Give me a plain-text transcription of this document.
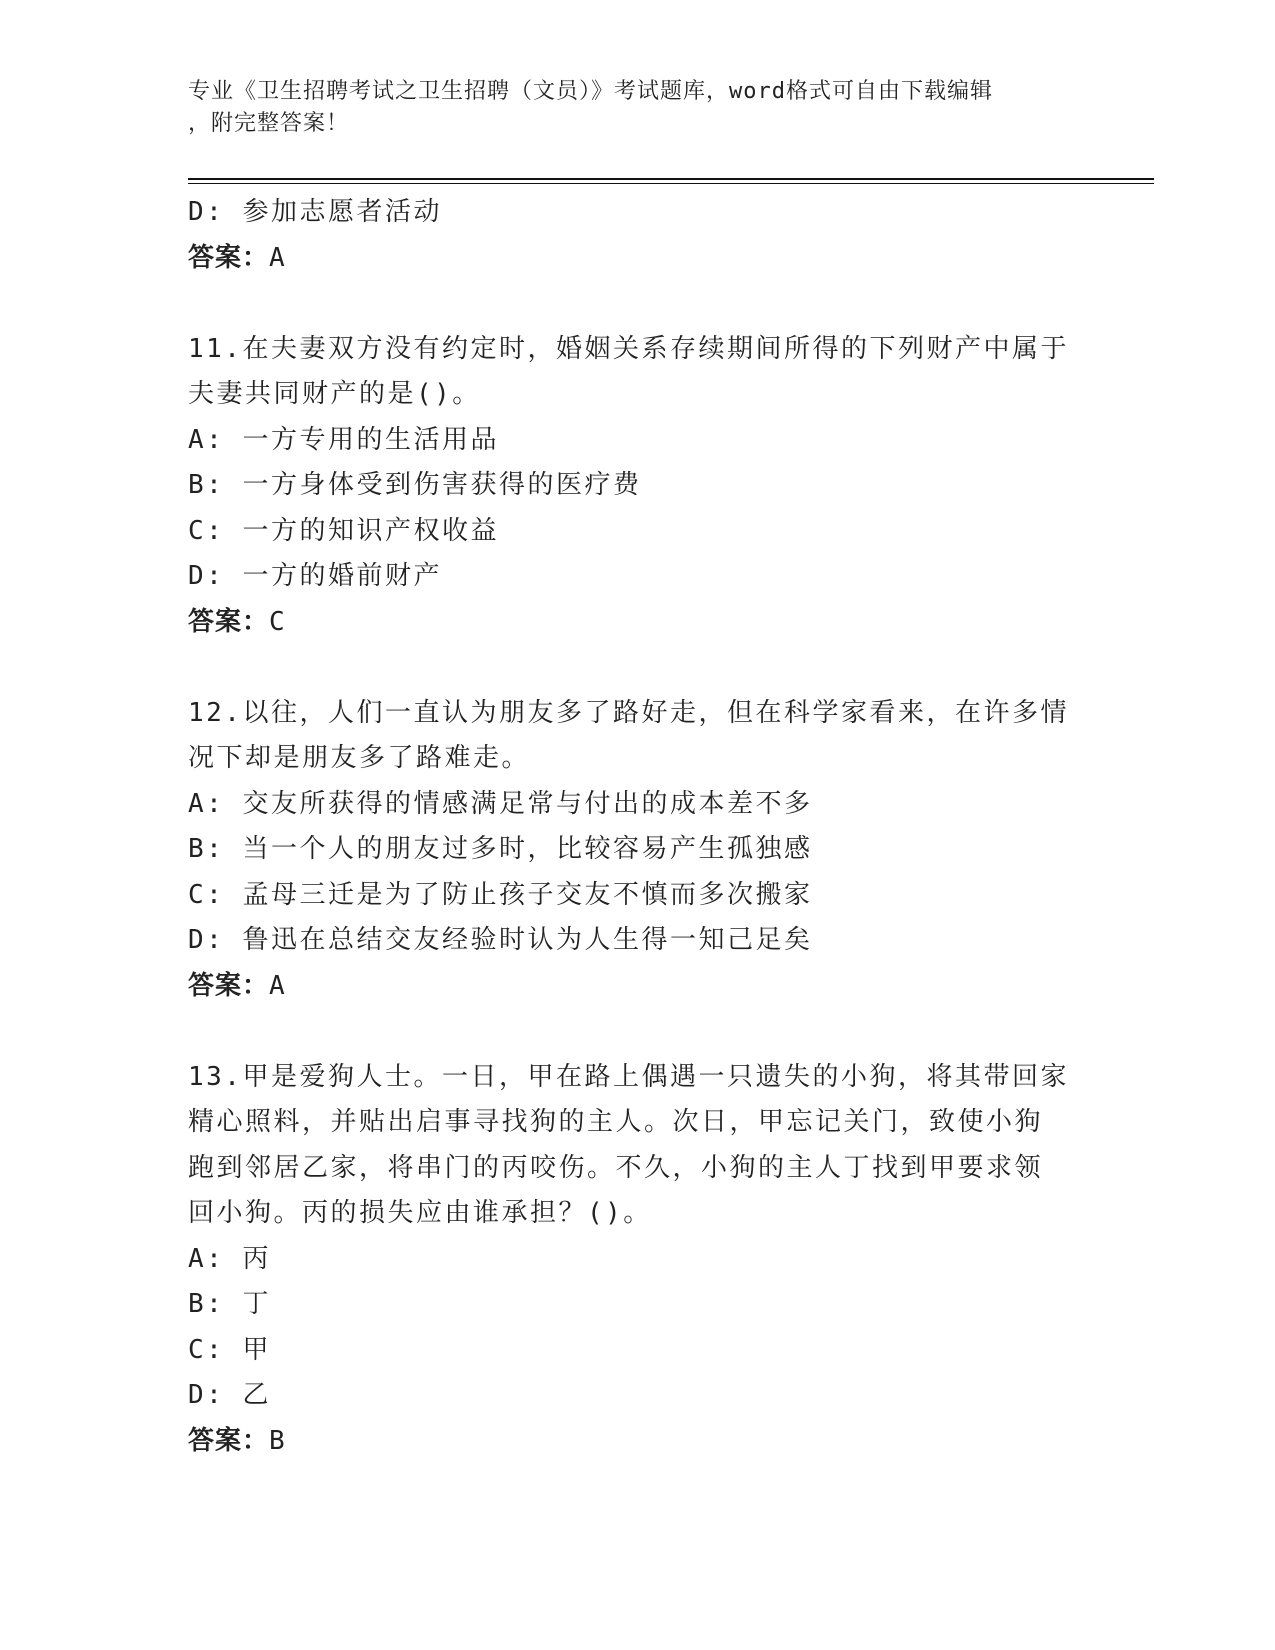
专业《卫生招聘考试之卫生招聘（文员）》考试题库，word格式可自由下载编辑
，附完整答案！
D: 参加志愿者活动
答案：A
11.在夫妻双方没有约定时，婚姻关系存续期间所得的下列财产中属于
夫妻共同财产的是()。
A: 一方专用的生活用品
B: 一方身体受到伤害获得的医疗费
C: 一方的知识产权收益
D: 一方的婚前财产
答案：C
12.以往，人们一直认为朋友多了路好走，但在科学家看来，在许多情
况下却是朋友多了路难走。
A: 交友所获得的情感满足常与付出的成本差不多
B: 当一个人的朋友过多时，比较容易产生孤独感
C: 孟母三迁是为了防止孩子交友不慎而多次搬家
D: 鲁迅在总结交友经验时认为人生得一知己足矣
答案：A
13.甲是爱狗人士。一日，甲在路上偶遇一只遗失的小狗，将其带回家
精心照料，并贴出启事寻找狗的主人。次日，甲忘记关门，致使小狗
跑到邻居乙家，将串门的丙咬伤。不久，小狗的主人丁找到甲要求领
回小狗。丙的损失应由谁承担？()。
A: 丙
B: 丁
C: 甲
D: 乙
答案：B
